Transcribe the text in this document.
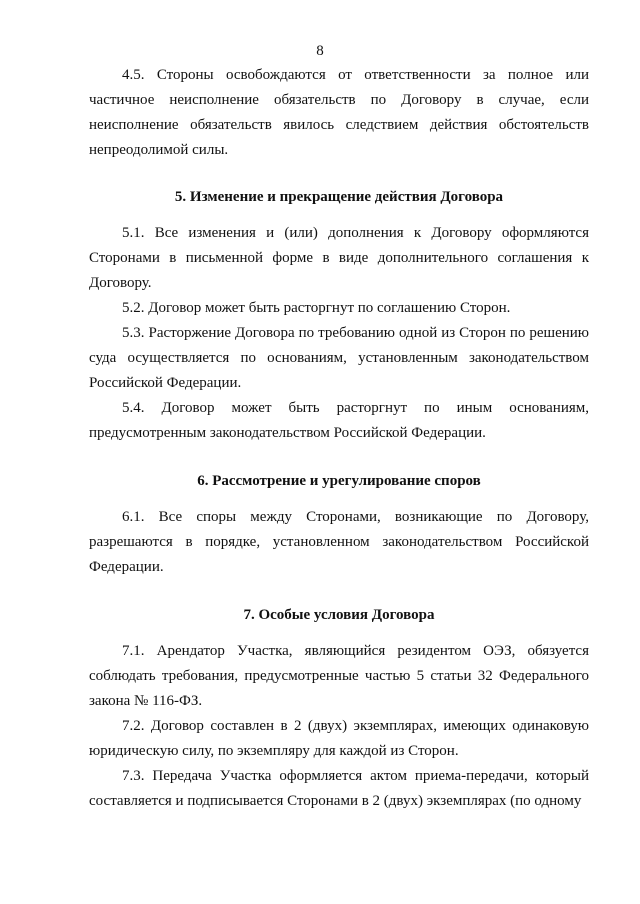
8

4.5. Стороны освобождаются от ответственности за полное или частичное неисполнение обязательств по Договору в случае, если неисполнение обязательств явилось следствием действия обстоятельств непреодолимой силы.

5. Изменение и прекращение действия Договора

5.1. Все изменения и (или) дополнения к Договору оформляются Сторонами в письменной форме в виде дополнительного соглашения к Договору.

5.2. Договор может быть расторгнут по соглашению Сторон.

5.3. Расторжение Договора по требованию одной из Сторон по решению суда осуществляется по основаниям, установленным законодательством Российской Федерации.

5.4. Договор может быть расторгнут по иным основаниям, предусмотренным законодательством Российской Федерации.

6. Рассмотрение и урегулирование споров

6.1. Все споры между Сторонами, возникающие по Договору, разрешаются в порядке, установленном законодательством Российской Федерации.

7. Особые условия Договора

7.1. Арендатор Участка, являющийся резидентом ОЭЗ, обязуется соблюдать требования, предусмотренные частью 5 статьи 32 Федерального закона № 116-ФЗ.

7.2. Договор составлен в 2 (двух) экземплярах, имеющих одинаковую юридическую силу, по экземпляру для каждой из Сторон.

7.3. Передача Участка оформляется актом приема-передачи, который составляется и подписывается Сторонами в 2 (двух) экземплярах (по одному
